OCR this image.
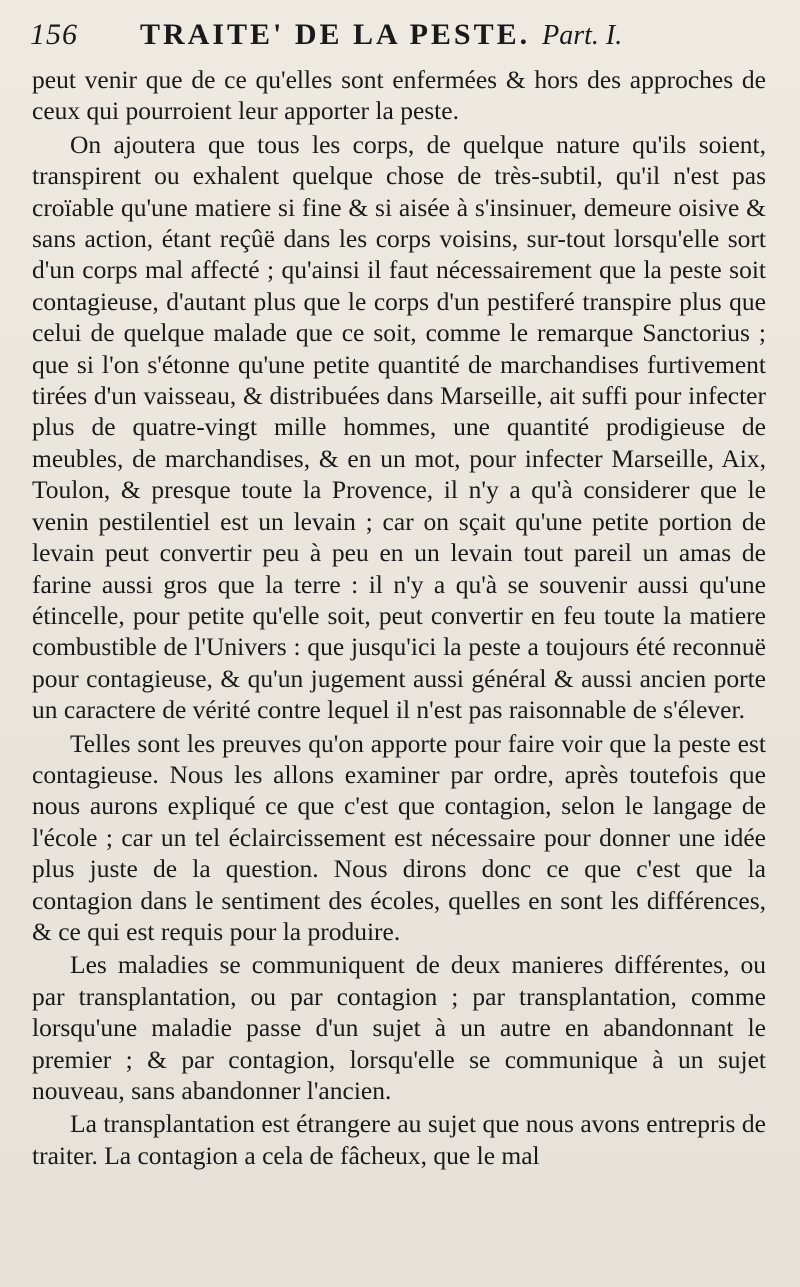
156	TRAITE' DE LA PESTE. Part. I.

peut venir que de ce qu'elles sont enfermées & hors des approches de ceux qui pourroient leur apporter la peste.

On ajoutera que tous les corps, de quelque nature qu'ils soient, transpirent ou exhalent quelque chose de très-subtil, qu'il n'est pas croïable qu'une matiere si fine & si aisée à s'insinuer, demeure oisive & sans action, étant reçûë dans les corps voisins, sur-tout lorsqu'elle sort d'un corps mal affecté ; qu'ainsi il faut nécessairement que la peste soit contagieuse, d'autant plus que le corps d'un pestiferé transpire plus que celui de quelque malade que ce soit, comme le remarque Sanctorius ; que si l'on s'étonne qu'une petite quantité de marchandises furtivement tirées d'un vaisseau, & distribuées dans Marseille, ait suffi pour infecter plus de quatre-vingt mille hommes, une quantité prodigieuse de meubles, de marchandises, & en un mot, pour infecter Marseille, Aix, Toulon, & presque toute la Provence, il n'y a qu'à considerer que le venin pestilentiel est un levain ; car on sçait qu'une petite portion de levain peut convertir peu à peu en un levain tout pareil un amas de farine aussi gros que la terre : il n'y a qu'à se souvenir aussi qu'une étincelle, pour petite qu'elle soit, peut convertir en feu toute la matiere combustible de l'Univers : que jusqu'ici la peste a toujours été reconnuë pour contagieuse, & qu'un jugement aussi général & aussi ancien porte un caractere de vérité contre lequel il n'est pas raisonnable de s'élever.

Telles sont les preuves qu'on apporte pour faire voir que la peste est contagieuse. Nous les allons examiner par ordre, après toutefois que nous aurons expliqué ce que c'est que contagion, selon le langage de l'école ; car un tel éclaircissement est nécessaire pour donner une idée plus juste de la question. Nous dirons donc ce que c'est que la contagion dans le sentiment des écoles, quelles en sont les différences, & ce qui est requis pour la produire.

Les maladies se communiquent de deux manieres différentes, ou par transplantation, ou par contagion ; par transplantation, comme lorsqu'une maladie passe d'un sujet à un autre en abandonnant le premier ; & par contagion, lorsqu'elle se communique à un sujet nouveau, sans abandonner l'ancien.

La transplantation est étrangere au sujet que nous avons entrepris de traiter. La contagion a cela de fâcheux, que le mal
